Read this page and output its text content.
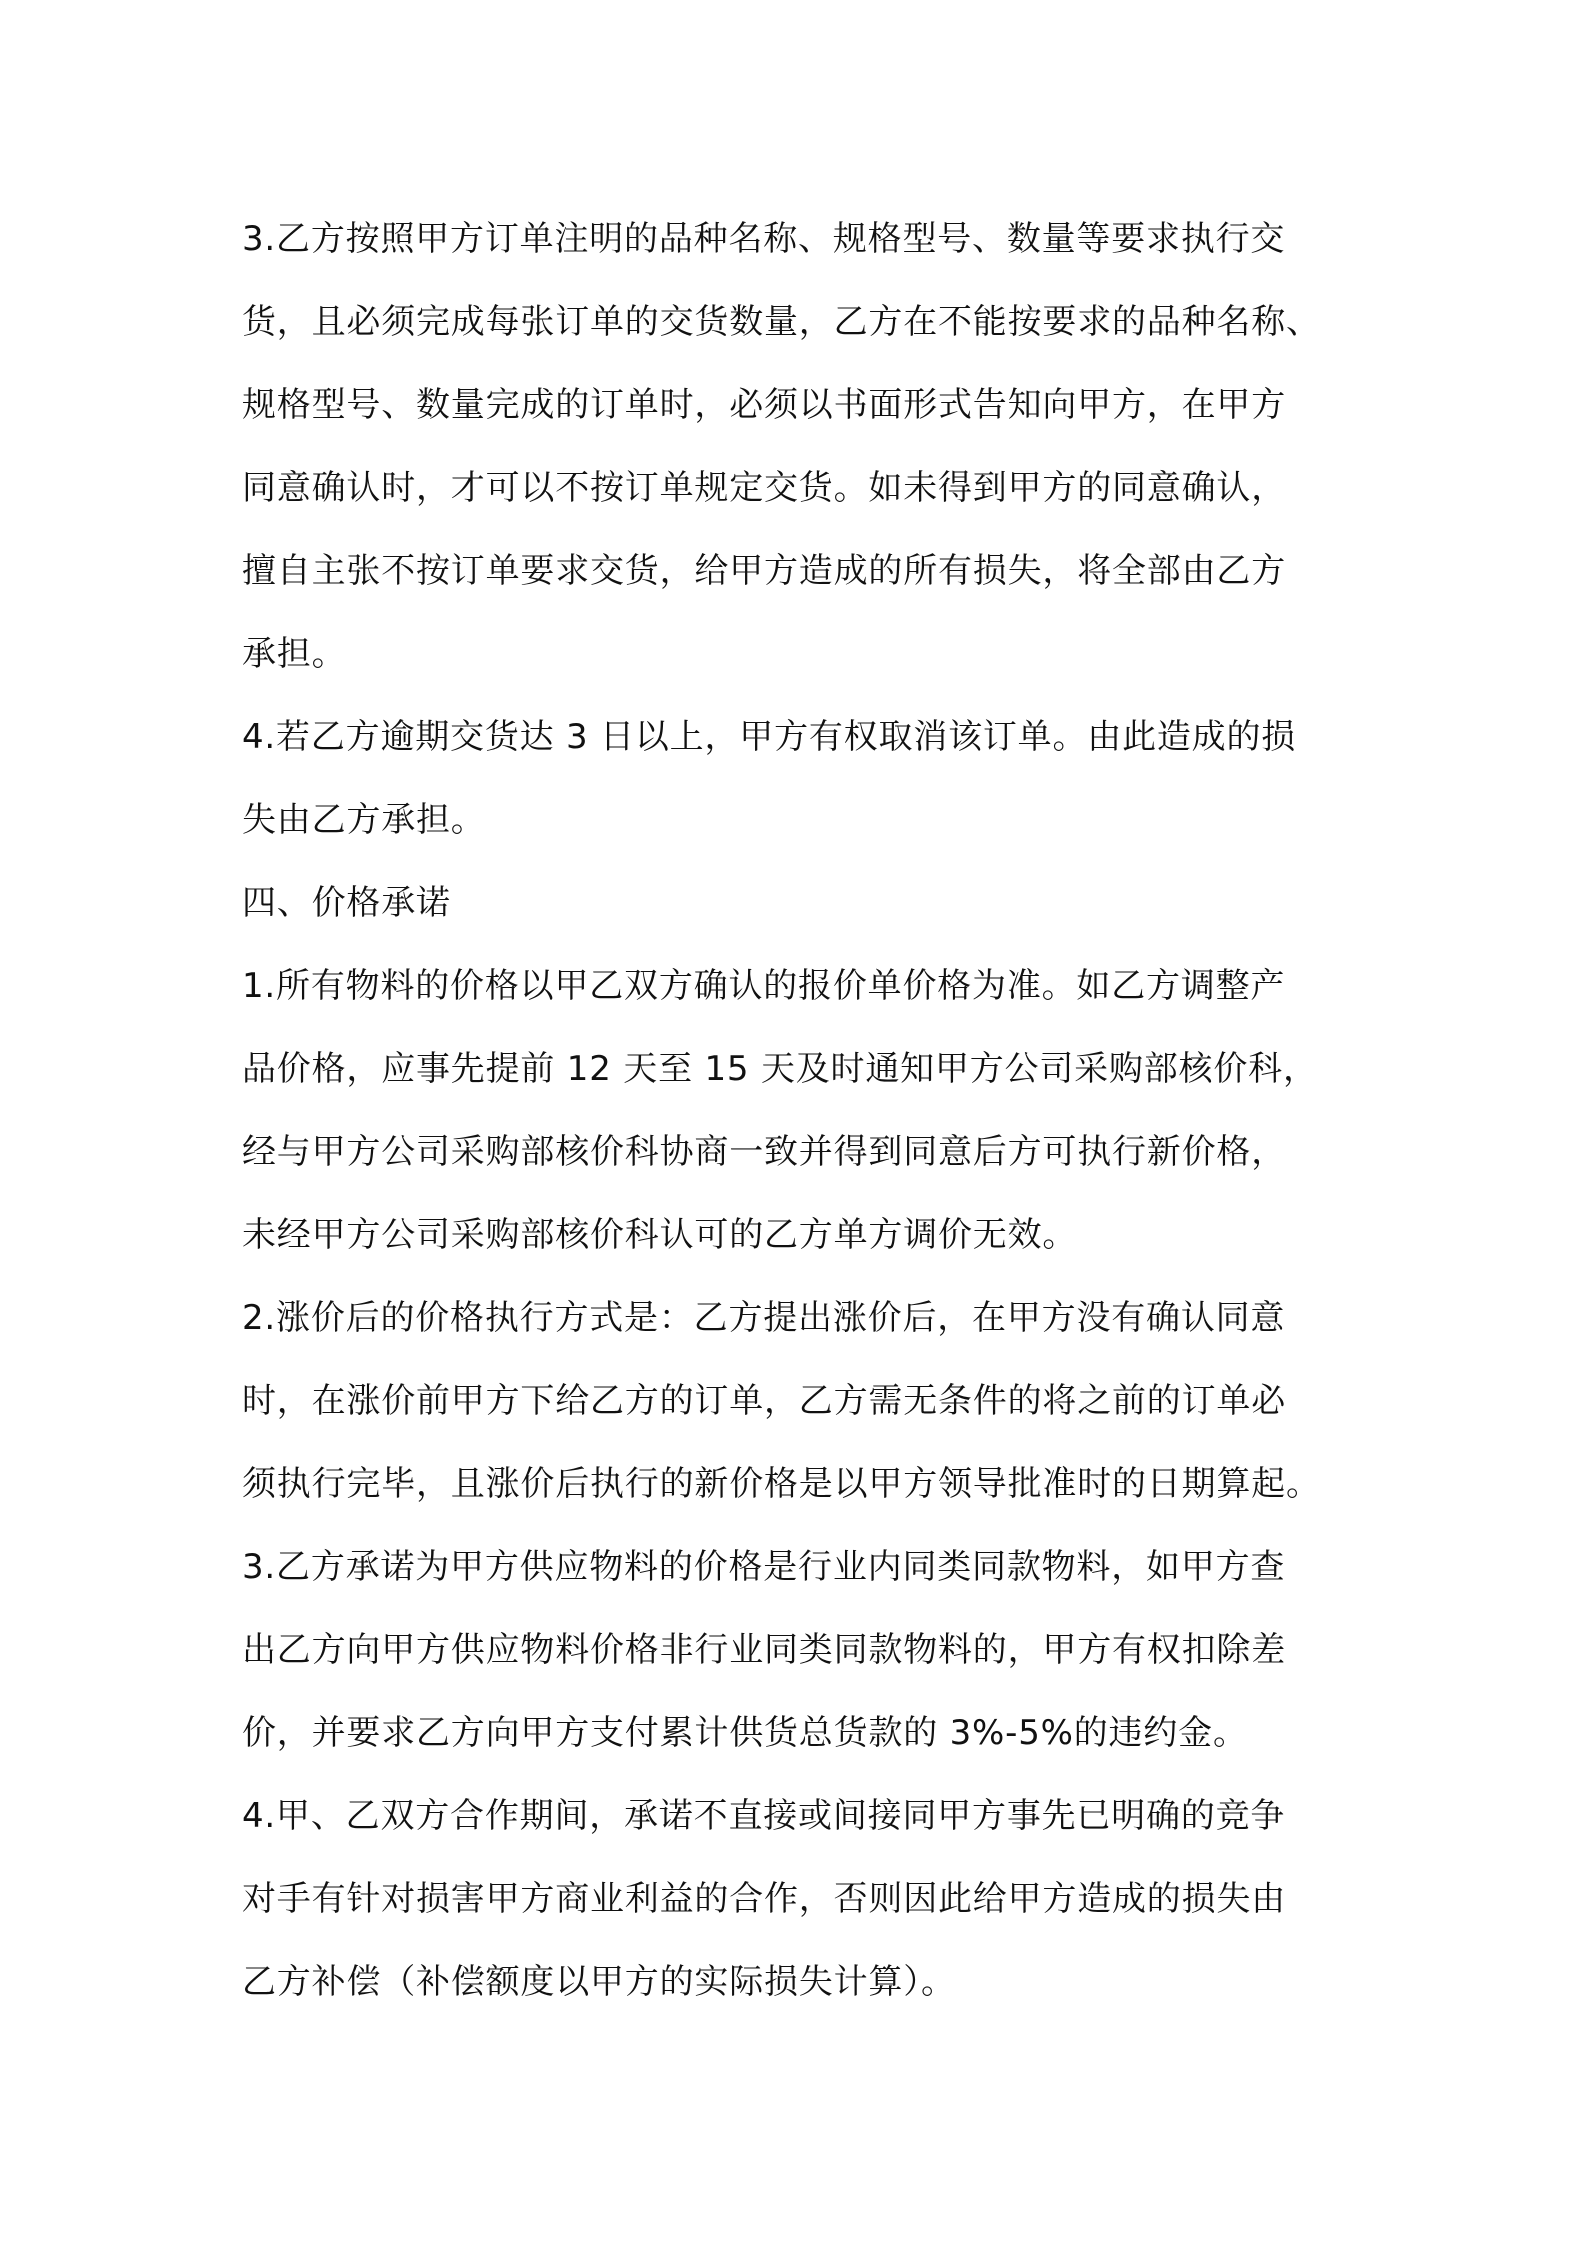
3.乙方按照甲方订单注明的品种名称、规格型号、数量等要求执行交
货，且必须完成每张订单的交货数量，乙方在不能按要求的品种名称、
规格型号、数量完成的订单时，必须以书面形式告知向甲方，在甲方
同意确认时，才可以不按订单规定交货。如未得到甲方的同意确认，
擅自主张不按订单要求交货，给甲方造成的所有损失，将全部由乙方
承担。
4.若乙方逾期交货达 3 日以上，甲方有权取消该订单。由此造成的损
失由乙方承担。
四、价格承诺
1.所有物料的价格以甲乙双方确认的报价单价格为准。如乙方调整产
品价格，应事先提前 12 天至 15 天及时通知甲方公司采购部核价科，
经与甲方公司采购部核价科协商一致并得到同意后方可执行新价格，
未经甲方公司采购部核价科认可的乙方单方调价无效。
2.涨价后的价格执行方式是：乙方提出涨价后，在甲方没有确认同意
时，在涨价前甲方下给乙方的订单，乙方需无条件的将之前的订单必
须执行完毕，且涨价后执行的新价格是以甲方领导批准时的日期算起。
3.乙方承诺为甲方供应物料的价格是行业内同类同款物料，如甲方查
出乙方向甲方供应物料价格非行业同类同款物料的，甲方有权扣除差
价，并要求乙方向甲方支付累计供货总货款的 3%-5%的违约金。
4.甲、乙双方合作期间，承诺不直接或间接同甲方事先已明确的竞争
对手有针对损害甲方商业利益的合作，否则因此给甲方造成的损失由
乙方补偿（补偿额度以甲方的实际损失计算）。
